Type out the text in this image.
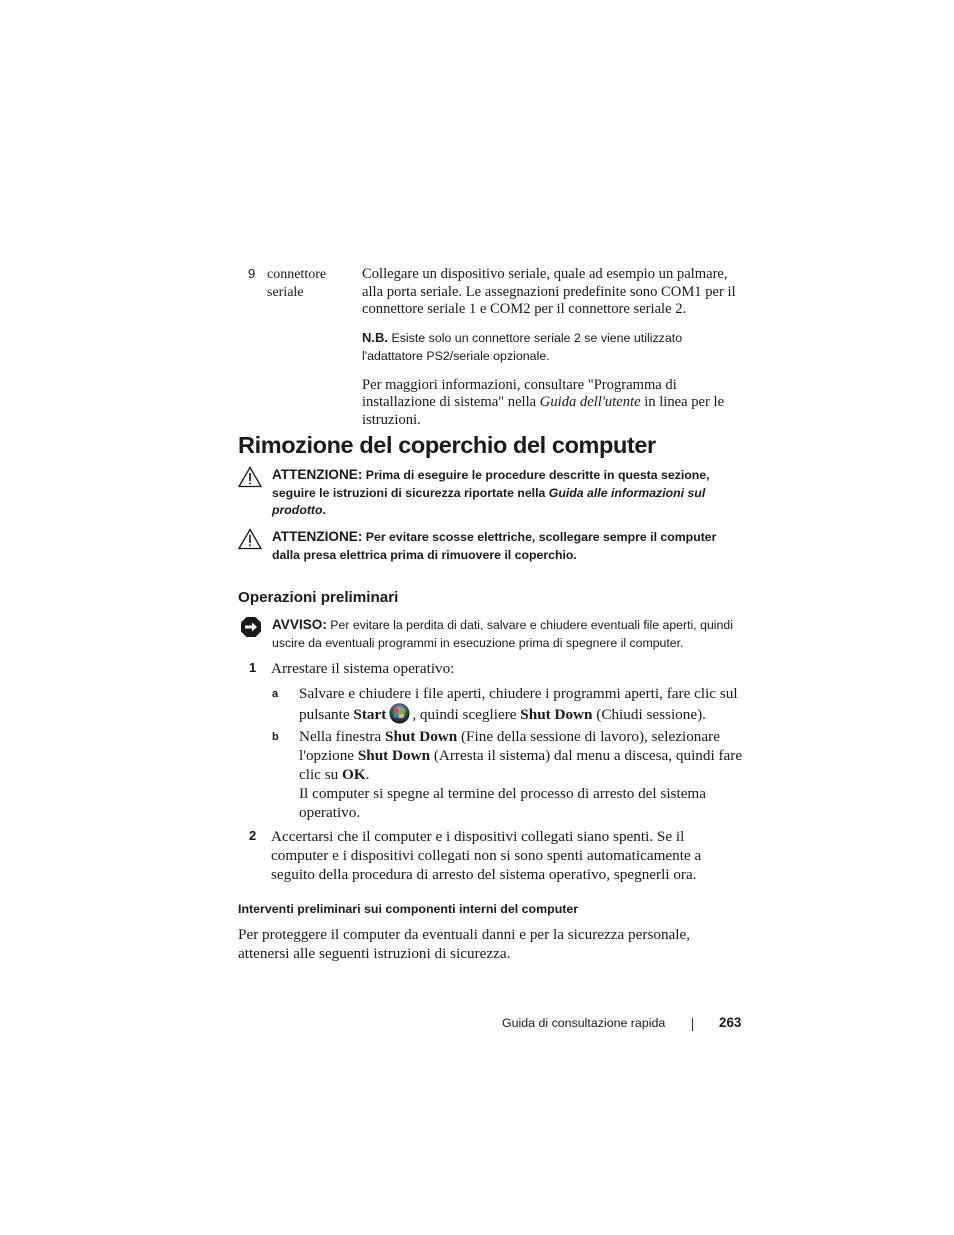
9 connettore seriale

Collegare un dispositivo seriale, quale ad esempio un palmare, alla porta seriale. Le assegnazioni predefinite sono COM1 per il connettore seriale 1 e COM2 per il connettore seriale 2.

N.B. Esiste solo un connettore seriale 2 se viene utilizzato l'adattatore PS2/seriale opzionale.

Per maggiori informazioni, consultare "Programma di installazione di sistema" nella Guida dell'utente in linea per le istruzioni.

Rimozione del coperchio del computer
ATTENZIONE: Prima di eseguire le procedure descritte in questa sezione, seguire le istruzioni di sicurezza riportate nella Guida alle informazioni sul prodotto.
ATTENZIONE: Per evitare scosse elettriche, scollegare sempre il computer dalla presa elettrica prima di rimuovere il coperchio.
Operazioni preliminari
AVVISO: Per evitare la perdita di dati, salvare e chiudere eventuali file aperti, quindi uscire da eventuali programmi in esecuzione prima di spegnere il computer.
1 Arrestare il sistema operativo:
a Salvare e chiudere i file aperti, chiudere i programmi aperti, fare clic sul pulsante Start , quindi scegliere Shut Down (Chiudi sessione).
b Nella finestra Shut Down (Fine della sessione di lavoro), selezionare l'opzione Shut Down (Arresta il sistema) dal menu a discesa, quindi fare clic su OK.
Il computer si spegne al termine del processo di arresto del sistema operativo.
2 Accertarsi che il computer e i dispositivi collegati siano spenti. Se il computer e i dispositivi collegati non si sono spenti automaticamente a seguito della procedura di arresto del sistema operativo, spegnerli ora.
Interventi preliminari sui componenti interni del computer
Per proteggere il computer da eventuali danni e per la sicurezza personale, attenersi alle seguenti istruzioni di sicurezza.
Guida di consultazione rapida	263
